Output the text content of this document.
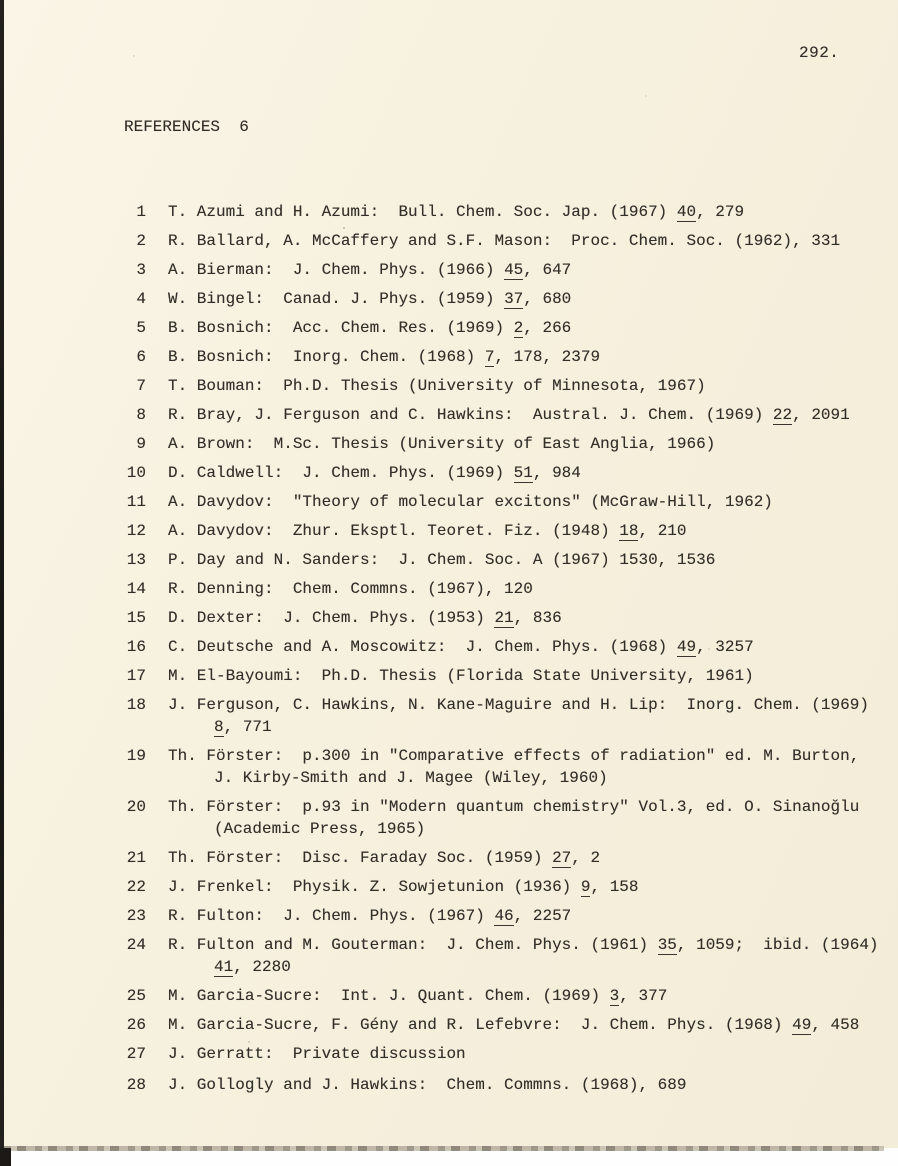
292.
REFERENCES  6
1 T. Azumi and H. Azumi:  Bull. Chem. Soc. Jap. (1967) 40, 279
2 R. Ballard, A. McCaffery and S.F. Mason:  Proc. Chem. Soc. (1962), 331
3 A. Bierman:  J. Chem. Phys. (1966) 45, 647
4 W. Bingel:  Canad. J. Phys. (1959) 37, 680
5 B. Bosnich:  Acc. Chem. Res. (1969) 2, 266
6 B. Bosnich:  Inorg. Chem. (1968) 7, 178, 2379
7 T. Bouman:  Ph.D. Thesis (University of Minnesota, 1967)
8 R. Bray, J. Ferguson and C. Hawkins:  Austral. J. Chem. (1969) 22, 2091
9 A. Brown:  M.Sc. Thesis (University of East Anglia, 1966)
10 D. Caldwell:  J. Chem. Phys. (1969) 51, 984
11 A. Davydov:  "Theory of molecular excitons" (McGraw-Hill, 1962)
12 A. Davydov:  Zhur. Eksptl. Teoret. Fiz. (1948) 18, 210
13 P. Day and N. Sanders:  J. Chem. Soc. A (1967) 1530, 1536
14 R. Denning:  Chem. Commns. (1967), 120
15 D. Dexter:  J. Chem. Phys. (1953) 21, 836
16 C. Deutsche and A. Moscowitz:  J. Chem. Phys. (1968) 49, 3257
17 M. El-Bayoumi:  Ph.D. Thesis (Florida State University, 1961)
18 J. Ferguson, C. Hawkins, N. Kane-Maguire and H. Lip:  Inorg. Chem. (1969)
8, 771
19 Th. Förster:  p.300 in "Comparative effects of radiation" ed. M. Burton,
J. Kirby-Smith and J. Magee (Wiley, 1960)
20 Th. Förster:  p.93 in "Modern quantum chemistry" Vol.3, ed. O. Sinanoğlu
(Academic Press, 1965)
21 Th. Förster:  Disc. Faraday Soc. (1959) 27, 2
22 J. Frenkel:  Physik. Z. Sowjetunion (1936) 9, 158
23 R. Fulton:  J. Chem. Phys. (1967) 46, 2257
24 R. Fulton and M. Gouterman:  J. Chem. Phys. (1961) 35, 1059;  ibid. (1964)
41, 2280
25 M. Garcia-Sucre:  Int. J. Quant. Chem. (1969) 3, 377
26 M. Garcia-Sucre, F. Gény and R. Lefebvre:  J. Chem. Phys. (1968) 49, 458
27 J. Gerratt:  Private discussion
28 J. Gollogly and J. Hawkins:  Chem. Commns. (1968), 689
